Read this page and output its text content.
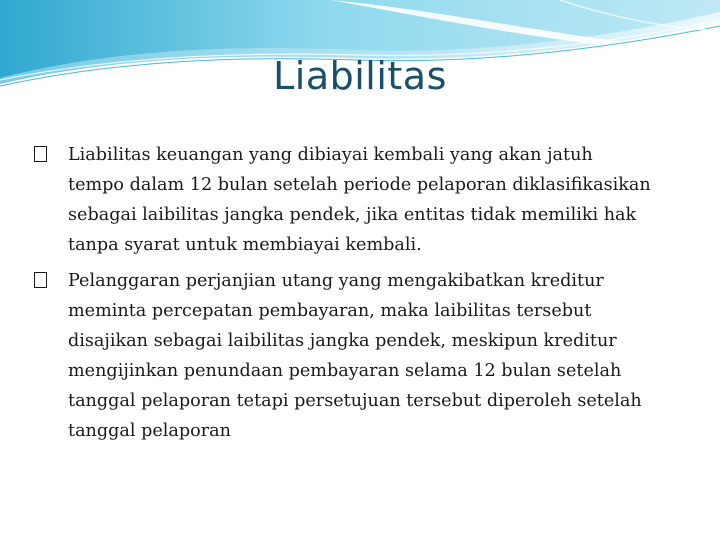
Liabilitas
Liabilitas keuangan yang dibiayai kembali yang akan jatuh tempo dalam 12 bulan setelah periode pelaporan diklasifikasikan sebagai laibilitas jangka pendek, jika entitas tidak memiliki hak tanpa syarat untuk membiayai kembali.
Pelanggaran perjanjian utang yang mengakibatkan kreditur meminta percepatan pembayaran, maka laibilitas tersebut disajikan sebagai laibilitas jangka pendek, meskipun kreditur mengijinkan penundaan pembayaran selama 12 bulan setelah tanggal pelaporan tetapi persetujuan tersebut diperoleh setelah tanggal pelaporan
